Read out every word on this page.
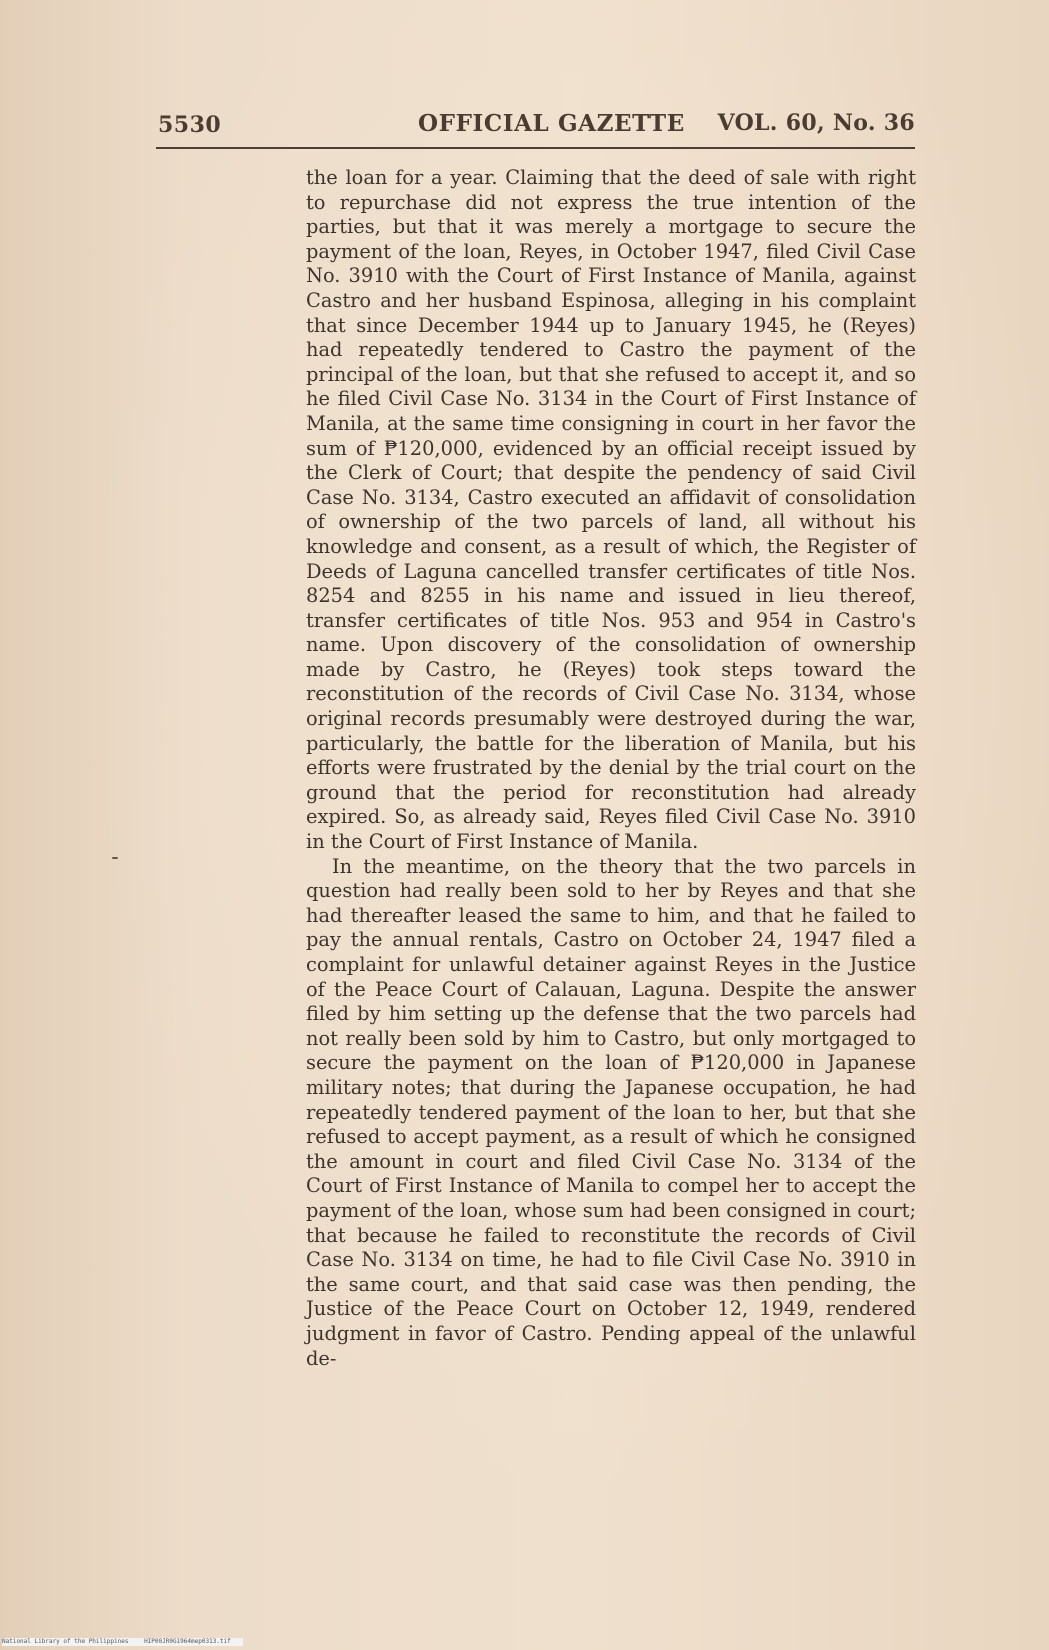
5530	OFFICIAL GAZETTE VOL. 60, No. 36

the loan for a year. Claiming that the deed of sale with right to repurchase did not express the true intention of the parties, but that it was merely a mortgage to secure the payment of the loan, Reyes, in October 1947, filed Civil Case No. 3910 with the Court of First Instance of Manila, against Castro and her husband Espinosa, alleging in his complaint that since December 1944 up to January 1945, he (Reyes) had repeatedly tendered to Castro the payment of the principal of the loan, but that she refused to accept it, and so he filed Civil Case No. 3134 in the Court of First Instance of Manila, at the same time consigning in court in her favor the sum of ₱120,000, evidenced by an official receipt issued by the Clerk of Court; that despite the pendency of said Civil Case No. 3134, Castro executed an affidavit of consolidation of ownership of the two parcels of land, all without his knowledge and consent, as a result of which, the Register of Deeds of Laguna cancelled transfer certificates of title Nos. 8254 and 8255 in his name and issued in lieu thereof, transfer certificates of title Nos. 953 and 954 in Castro's name. Upon discovery of the consolidation of ownership made by Castro, he (Reyes) took steps toward the reconstitution of the records of Civil Case No. 3134, whose original records presumably were destroyed during the war, particularly, the battle for the liberation of Manila, but his efforts were frustrated by the denial by the trial court on the ground that the period for reconstitution had already expired. So, as already said, Reyes filed Civil Case No. 3910 in the Court of First Instance of Manila.

In the meantime, on the theory that the two parcels in question had really been sold to her by Reyes and that she had thereafter leased the same to him, and that he failed to pay the annual rentals, Castro on October 24, 1947 filed a complaint for unlawful detainer against Reyes in the Justice of the Peace Court of Calauan, Laguna. Despite the answer filed by him setting up the defense that the two parcels had not really been sold by him to Castro, but only mortgaged to secure the payment on the loan of ₱120,000 in Japanese military notes; that during the Japanese occupation, he had repeatedly tendered payment of the loan to her, but that she refused to accept payment, as a result of which he consigned the amount in court and filed Civil Case No. 3134 of the Court of First Instance of Manila to compel her to accept the payment of the loan, whose sum had been consigned in court; that because he failed to reconstitute the records of Civil Case No. 3134 on time, he had to file Civil Case No. 3910 in the same court, and that said case was then pending, the Justice of the Peace Court on October 12, 1949, rendered judgment in favor of Castro. Pending appeal of the unlawful de-

National Library of the Philippines	HIP00JR0G1964mep0313.tif
